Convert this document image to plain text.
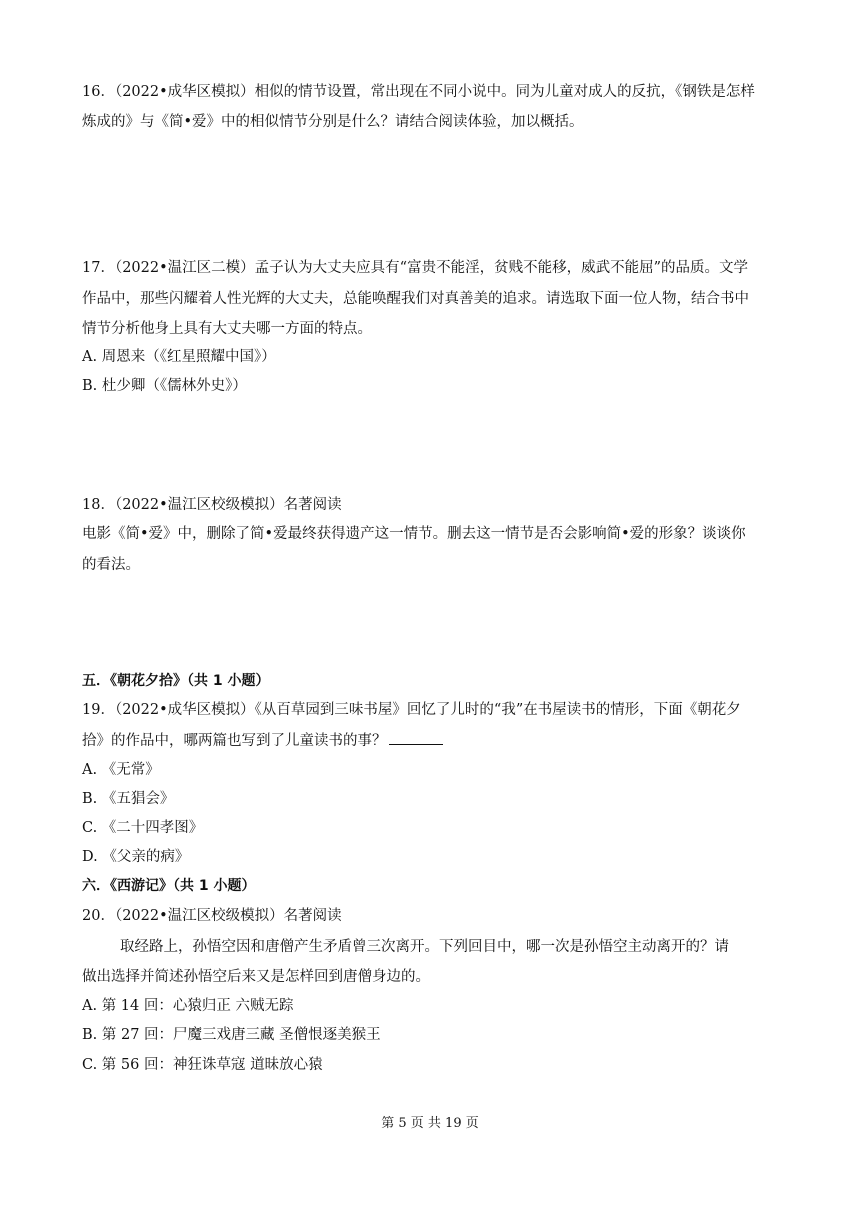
16．（2022•成华区模拟）相似的情节设置，常出现在不同小说中。同为儿童对成人的反抗，《钢铁是怎样
炼成的》与《简•爱》中的相似情节分别是什么？请结合阅读体验，加以概括。
17．（2022•温江区二模）孟子认为大丈夫应具有“富贵不能淫，贫贱不能移，威武不能屈”的品质。文学
作品中，那些闪耀着人性光辉的大丈夫，总能唤醒我们对真善美的追求。请选取下面一位人物，结合书中
情节分析他身上具有大丈夫哪一方面的特点。
A. 周恩来（《红星照耀中国》）
B. 杜少卿（《儒林外史》）
18．（2022•温江区校级模拟）名著阅读
电影《简•爱》中，删除了简•爱最终获得遗产这一情节。删去这一情节是否会影响简•爱的形象？谈谈你
的看法。
五．《朝花夕拾》（共 1 小题）
19．（2022•成华区模拟）《从百草园到三味书屋》回忆了儿时的“我”在书屋读书的情形，下面《朝花夕
拾》的作品中，哪两篇也写到了儿童读书的事？
A. 《无常》
B. 《五猖会》
C. 《二十四孝图》
D. 《父亲的病》
六．《西游记》（共 1 小题）
20．（2022•温江区校级模拟）名著阅读
取经路上，孙悟空因和唐僧产生矛盾曾三次离开。下列回目中，哪一次是孙悟空主动离开的？请
做出选择并简述孙悟空后来又是怎样回到唐僧身边的。
A. 第 14 回：心猿归正 六贼无踪
B. 第 27 回：尸魔三戏唐三藏 圣僧恨逐美猴王
C. 第 56 回：神狂诛草寇 道昧放心猿
第 5 页 共 19 页
